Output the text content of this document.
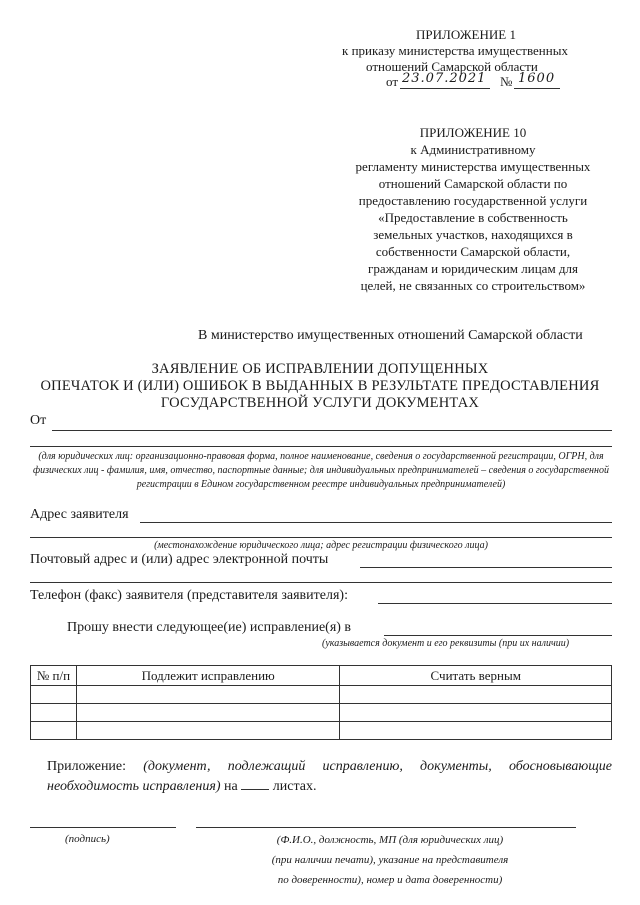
ПРИЛОЖЕНИЕ 1
к приказу министерства имущественных
отношений Самарской области
от 23.07.2021 № 1600
ПРИЛОЖЕНИЕ 10
к Административному
регламенту министерства имущественных
отношений Самарской области по
предоставлению государственной услуги
«Предоставление в собственность
земельных участков, находящихся в
собственности Самарской области,
гражданам и юридическим лицам для
целей, не связанных со строительством»
В министерство имущественных отношений Самарской области
ЗАЯВЛЕНИЕ ОБ ИСПРАВЛЕНИИ ДОПУЩЕННЫХ
ОПЕЧАТОК И (ИЛИ) ОШИБОК В ВЫДАННЫХ В РЕЗУЛЬТАТЕ ПРЕДОСТАВЛЕНИЯ
ГОСУДАРСТВЕННОЙ УСЛУГИ ДОКУМЕНТАХ
От
(для юридических лиц: организационно-правовая форма, полное наименование, сведения о государственной регистрации, ОГРН, для физических лиц - фамилия, имя, отчество, паспортные данные; для индивидуальных предпринимателей – сведения о государственной регистрации в Едином государственном реестре индивидуальных предпринимателей)
Адрес заявителя
(местонахождение юридического лица; адрес регистрации физического лица)
Почтовый адрес и (или) адрес электронной почты
Телефон (факс) заявителя (представителя заявителя):
Прошу внести следующее(ие) исправление(я) в
(указывается документ и его реквизиты (при их наличии)
№ п/п	Подлежит исправлению	Считать верным

Приложение: (документ, подлежащий исправлению, документы, обосновывающие необходимость исправления) на	листах.
(подпись)	(Ф.И.О., должность, МП (для юридических лиц)
(при наличии печати), указание на представителя
по доверенности), номер и дата доверенности)
